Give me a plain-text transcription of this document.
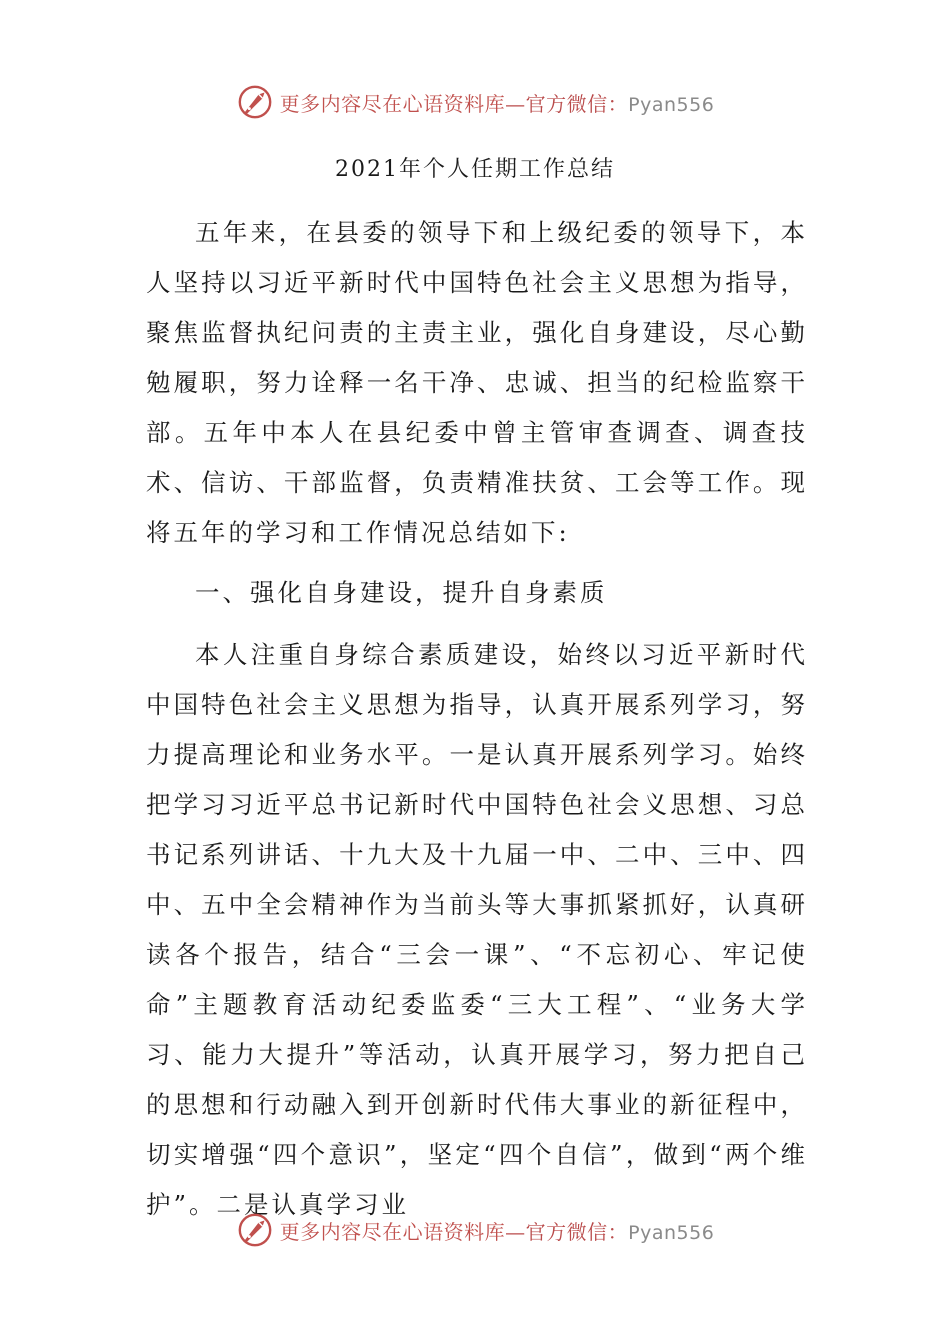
更多内容尽在心语资料库—官方微信：Pyan556
2021年个人任期工作总结

五年来，在县委的领导下和上级纪委的领导下，本人坚持以习近平新时代中国特色社会主义思想为指导，聚焦监督执纪问责的主责主业，强化自身建设，尽心勤勉履职，努力诠释一名干净、忠诚、担当的纪检监察干部。五年中本人在县纪委中曾主管审查调查、调查技术、信访、干部监督，负责精准扶贫、工会等工作。现将五年的学习和工作情况总结如下:

一、强化自身建设，提升自身素质

本人注重自身综合素质建设，始终以习近平新时代中国特色社会主义思想为指导，认真开展系列学习，努力提高理论和业务水平。一是认真开展系列学习。始终把学习习近平总书记新时代中国特色社会义思想、习总书记系列讲话、十九大及十九届一中、二中、三中、四中、五中全会精神作为当前头等大事抓紧抓好，认真研读各个报告，结合“三会一课”、“不忘初心、牢记使命”主题教育活动纪委监委“三大工程”、“业务大学习、能力大提升”等活动，认真开展学习，努力把自己的思想和行动融入到开创新时代伟大事业的新征程中，切实增强“四个意识”，坚定“四个自信”，做到“两个维护”。二是认真学习业

更多内容尽在心语资料库—官方微信：Pyan556
